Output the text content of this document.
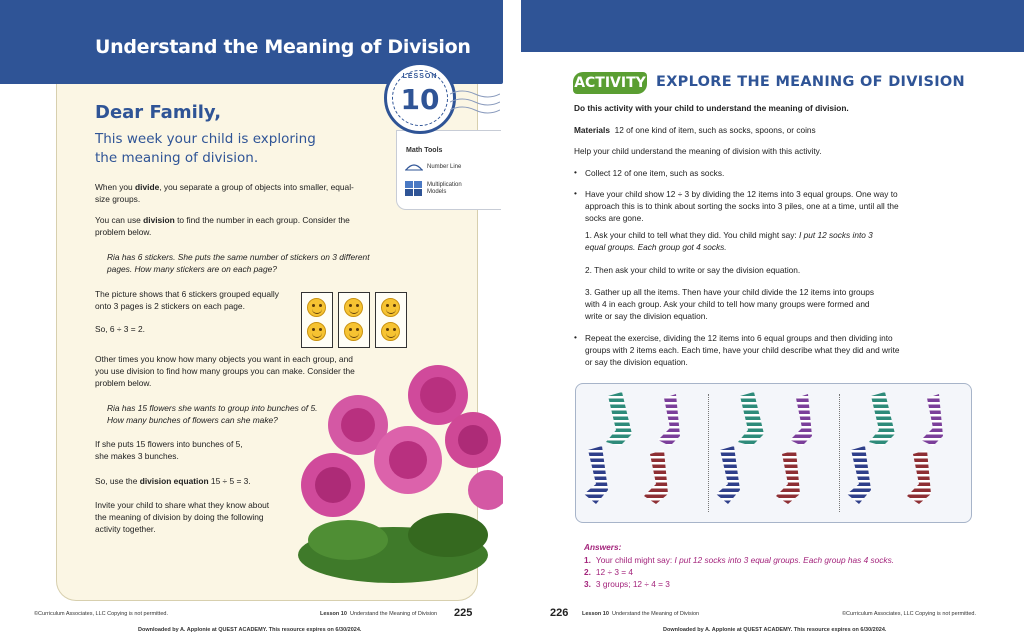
Understand the Meaning of Division
Math Tools
Number Line
Multiplication Models
LESSON
10
Dear Family,
This week your child is exploring the meaning of division.
When you divide, you separate a group of objects into smaller, equal-size groups.
You can use division to find the number in each group. Consider the problem below.
Ria has 6 stickers. She puts the same number of stickers on 3 different pages. How many stickers are on each page?
The picture shows that 6 stickers grouped equally onto 3 pages is 2 stickers on each page.
So, 6 ÷ 3 = 2.
Other times you know how many objects you want in each group, and you use division to find how many groups you can make. Consider the problem below.
Ria has 15 flowers she wants to group into bunches of 5. How many bunches of flowers can she make?
If she puts 15 flowers into bunches of 5, she makes 3 bunches.
So, use the division equation 15 ÷ 5 = 3.
Invite your child to share what they know about the meaning of division by doing the following activity together.
©Curriculum Associates, LLC Copying is not permitted.	Lesson 10 Understand the Meaning of Division 225
Downloaded by A. Applonie at QUEST ACADEMY. This resource expires on 6/30/2024.
ACTIVITY EXPLORE THE MEANING OF DIVISION
Do this activity with your child to understand the meaning of division.
Materials 12 of one kind of item, such as socks, spoons, or coins
Help your child understand the meaning of division with this activity.
• Collect 12 of one item, such as socks.
• Have your child show 12 ÷ 3 by dividing the 12 items into 3 equal groups. One way to approach this is to think about sorting the socks into 3 piles, one at a time, until all the socks are gone.
1. Ask your child to tell what they did. You child might say: I put 12 socks into 3 equal groups. Each group got 4 socks.
2. Then ask your child to write or say the division equation.
3. Gather up all the items. Then have your child divide the 12 items into groups with 4 in each group. Ask your child to tell how many groups were formed and write or say the division equation.
• Repeat the exercise, dividing the 12 items into 6 equal groups and then dividing into groups with 2 items each. Each time, have your child describe what they did and write or say the division equation.
Answers:
1. Your child might say: I put 12 socks into 3 equal groups. Each group has 4 socks.
2. 12 ÷ 3 = 4
3. 3 groups; 12 ÷ 4 = 3
226 Lesson 10 Understand the Meaning of Division	©Curriculum Associates, LLC Copying is not permitted.
Downloaded by A. Applonie at QUEST ACADEMY. This resource expires on 6/30/2024.
